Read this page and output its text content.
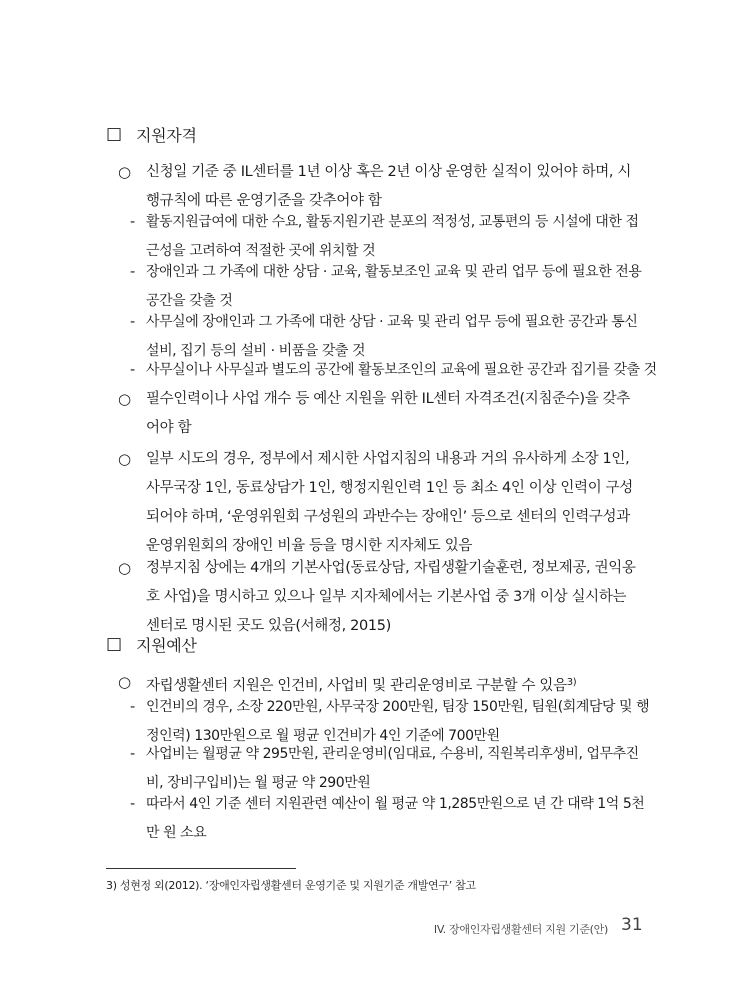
□ 지원자격
○	신청일 기준 중 IL센터를 1년 이상 혹은 2년 이상 운영한 실적이 있어야 하며, 시
행규칙에 따른 운영기준을 갖추어야 함
- 활동지원급여에 대한 수요, 활동지원기관 분포의 적정성, 교통편의 등 시설에 대한 접
근성을 고려하여 적절한 곳에 위치할 것
- 장애인과 그 가족에 대한 상담 · 교육, 활동보조인 교육 및 관리 업무 등에 필요한 전용
공간을 갖출 것
- 사무실에 장애인과 그 가족에 대한 상담 · 교육 및 관리 업무 등에 필요한 공간과 통신
설비, 집기 등의 설비 · 비품을 갖출 것
- 사무실이나 사무실과 별도의 공간에 활동보조인의 교육에 필요한 공간과 집기를 갖출 것
○	필수인력이나 사업 개수 등 예산 지원을 위한 IL센터 자격조건(지침준수)을 갖추
어야 함
○	일부 시도의 경우, 정부에서 제시한 사업지침의 내용과 거의 유사하게 소장 1인,
사무국장 1인, 동료상담가 1인, 행정지원인력 1인 등 최소 4인 이상 인력이 구성
되어야 하며, ‘운영위원회 구성원의 과반수는 장애인’ 등으로 센터의 인력구성과
운영위원회의 장애인 비율 등을 명시한 지자체도 있음
○	정부지침 상에는 4개의 기본사업(동료상담, 자립생활기술훈련, 정보제공, 권익옹
호 사업)을 명시하고 있으나 일부 지자체에서는 기본사업 중 3개 이상 실시하는
센터로 명시된 곳도 있음(서해정, 2015)
□ 지원예산
○	자립생활센터 지원은 인건비, 사업비 및 관리운영비로 구분할 수 있음$^{3)}$
- 인건비의 경우, 소장 220만원, 사무국장 200만원, 팀장 150만원, 팀원(회계담당 및 행
정인력) 130만원으로 월 평균 인건비가 4인 기준에 700만원
- 사업비는 월평균 약 295만원, 관리운영비(임대료, 수용비, 직원복리후생비, 업무추진
비, 장비구입비)는 월 평균 약 290만원
- 따라서 4인 기준 센터 지원관련 예산이 월 평균 약 1,285만원으로 년 간 대략 1억 5천
만 원 소요
3) 성현정 외(2012). ‘장애인자립생활센터 운영기준 및 지원기준 개발연구’ 참고
IV. 장애인자립생활센터 지원 기준(안) 31
